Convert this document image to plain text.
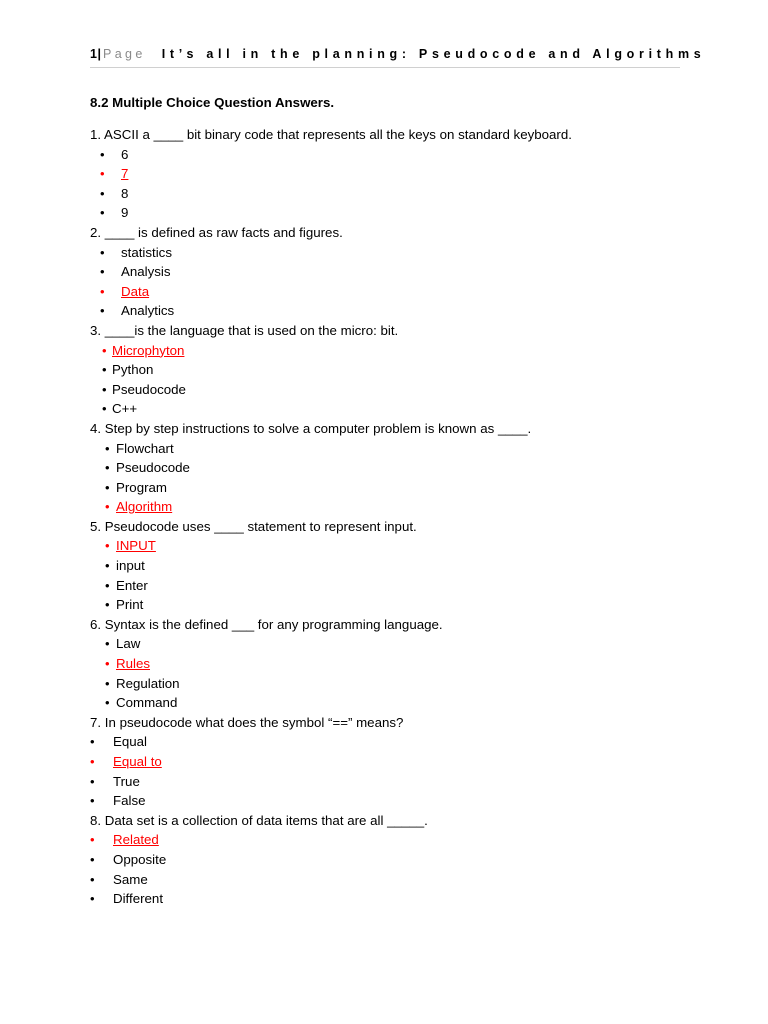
1| Page It’s all in the planning: Pseudocode and Algorithms
8.2 Multiple Choice Question Answers.
1. ASCII a ____ bit binary code that represents all the keys on standard keyboard.
• 6
• 7
• 8
• 9
2. ____ is defined as raw facts and figures.
• statistics
• Analysis
• Data
• Analytics
3. ____is the language that is used on the micro: bit.
• Microphyton
• Python
• Pseudocode
• C++
4. Step by step instructions to solve a computer problem is known as ____.
• Flowchart
• Pseudocode
• Program
• Algorithm
5. Pseudocode uses ____ statement to represent input.
• INPUT
• input
• Enter
• Print
6. Syntax is the defined ___ for any programming language.
• Law
• Rules
• Regulation
• Command
7. In pseudocode what does the symbol “==” means?
• Equal
• Equal to
• True
• False
8. Data set is a collection of data items that are all _____.
• Related
• Opposite
• Same
• Different
